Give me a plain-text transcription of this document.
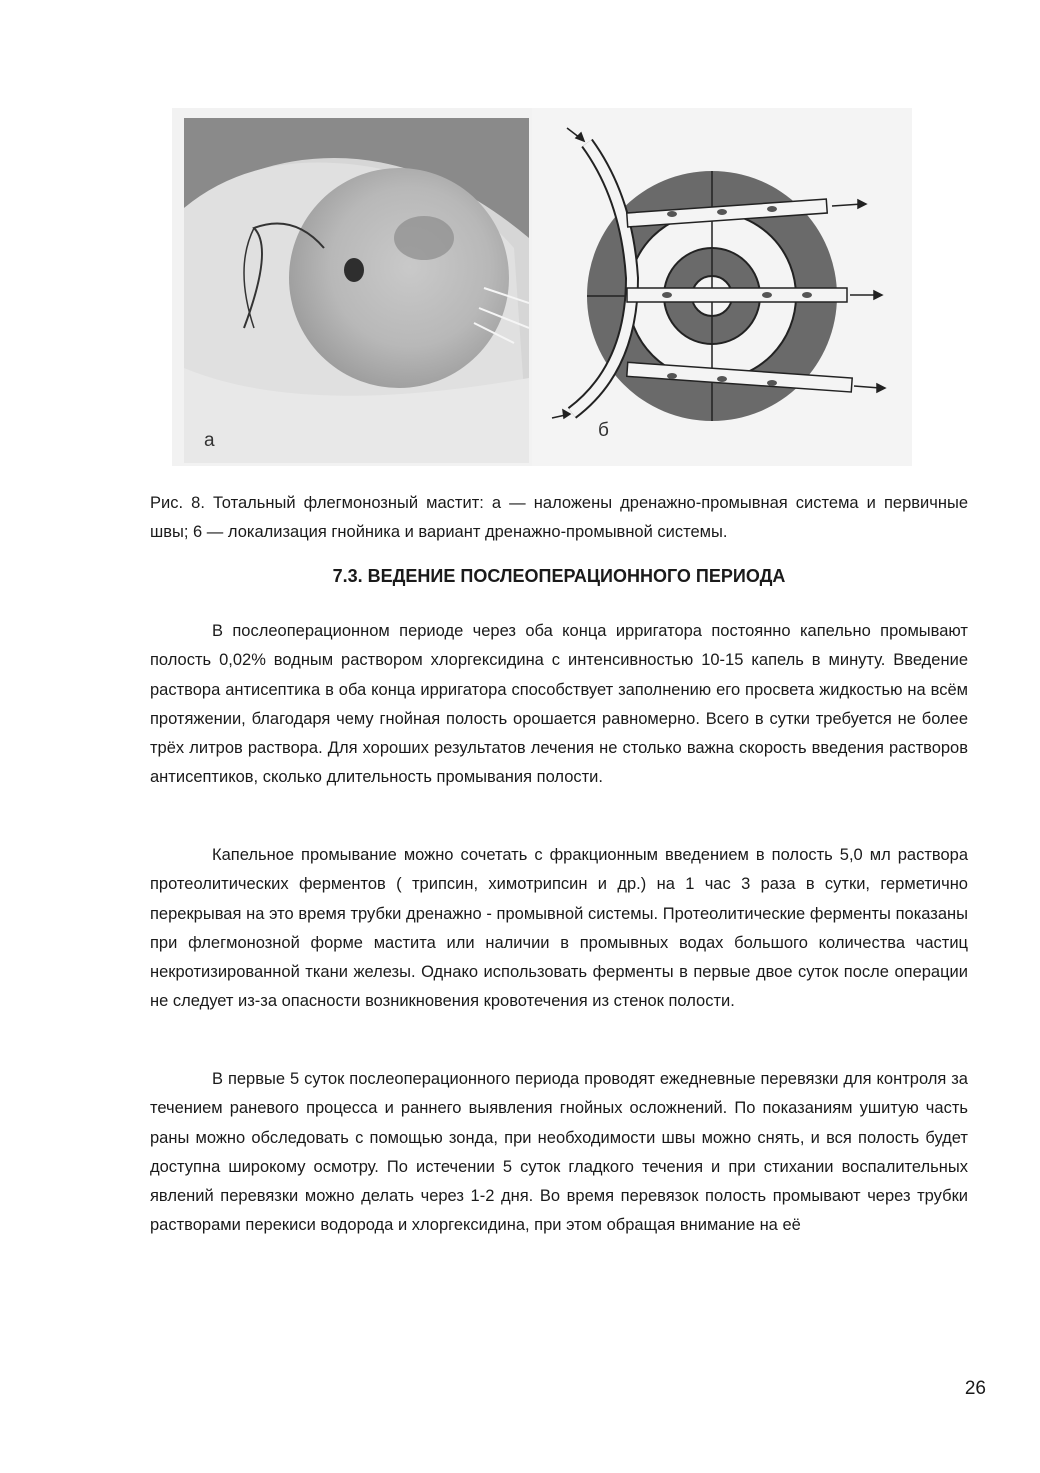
а	б
Рис. 8. Тотальный флегмонозный мастит: а — наложены дренажно-промывная система и первичные швы; 6 — локализация гнойника и вариант дренажно-промывной системы.
7.3. ВЕДЕНИЕ ПОСЛЕОПЕРАЦИОННОГО ПЕРИОДА

В послеоперационном периоде через оба конца ирригатора постоянно капельно промывают полость 0,02% водным раствором хлоргексидина с интенсивностью 10-15 капель в минуту. Введение раствора антисептика в оба конца ирригатора способствует заполнению его просвета жидкостью на всём протяжении, благодаря чему гнойная полость орошается равномерно. Всего в сутки требуется не более трёх литров раствора. Для хороших результатов лечения не столько важна скорость введения растворов антисептиков, сколько длительность промывания полости.

Капельное промывание можно сочетать с фракционным введением в полость 5,0 мл раствора протеолитических ферментов ( трипсин, химотрипсин и др.) на 1 час 3 раза в сутки, герметично перекрывая на это время трубки дренажно - промывной системы. Протеолитические ферменты показаны при флегмонозной форме мастита или наличии в промывных водах большого количества частиц некротизированной ткани железы. Однако использовать ферменты в первые двое суток после операции не следует из-за опасности возникновения кровотечения из стенок полости.

В первые 5 суток послеоперационного периода проводят ежедневные перевязки для контроля за течением раневого процесса и раннего выявления гнойных осложнений. По показаниям ушитую часть раны можно обследовать с помощью зонда, при необходимости швы можно снять, и вся полость будет доступна широкому осмотру. По истечении 5 суток гладкого течения и при стихании воспалительных явлений перевязки можно делать через 1-2 дня. Во время перевязок полость промывают через трубки растворами перекиси водорода и хлоргексидина, при этом обращая внимание на её

26
